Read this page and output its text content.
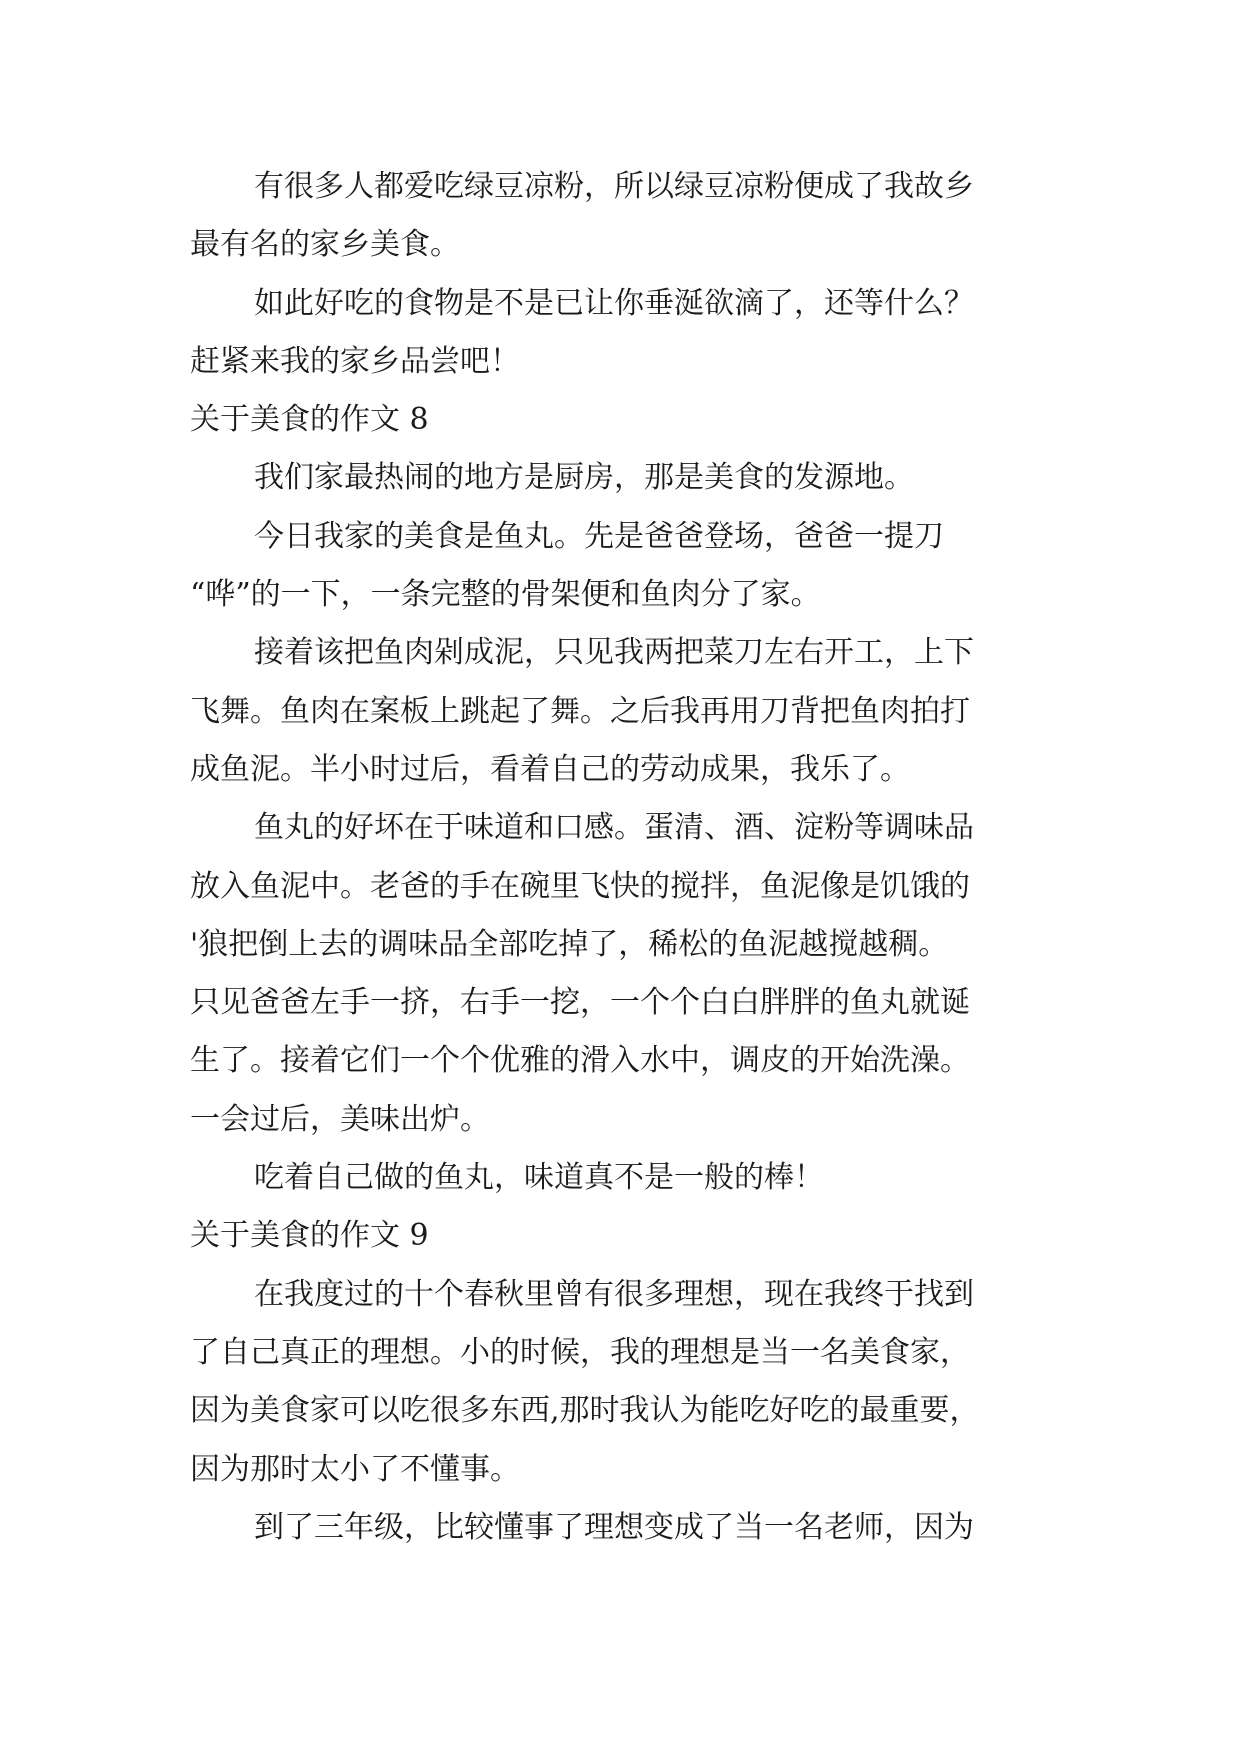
有很多人都爱吃绿豆凉粉，所以绿豆凉粉便成了我故乡
最有名的家乡美食。
如此好吃的食物是不是已让你垂涎欲滴了，还等什么？
赶紧来我的家乡品尝吧！
关于美食的作文 8
我们家最热闹的地方是厨房，那是美食的发源地。
今日我家的美食是鱼丸。先是爸爸登场，爸爸一提刀
“哗”的一下，一条完整的骨架便和鱼肉分了家。
接着该把鱼肉剁成泥，只见我两把菜刀左右开工，上下
飞舞。鱼肉在案板上跳起了舞。之后我再用刀背把鱼肉拍打
成鱼泥。半小时过后，看着自己的劳动成果，我乐了。
鱼丸的好坏在于味道和口感。蛋清、酒、淀粉等调味品
放入鱼泥中。老爸的手在碗里飞快的搅拌，鱼泥像是饥饿的
'狼把倒上去的调味品全部吃掉了，稀松的鱼泥越搅越稠。
只见爸爸左手一挤，右手一挖，一个个白白胖胖的鱼丸就诞
生了。接着它们一个个优雅的滑入水中，调皮的开始洗澡。
一会过后，美味出炉。
吃着自己做的鱼丸，味道真不是一般的棒！
关于美食的作文 9
在我度过的十个春秋里曾有很多理想，现在我终于找到
了自己真正的理想。小的时候，我的理想是当一名美食家，
因为美食家可以吃很多东西,那时我认为能吃好吃的最重要，
因为那时太小了不懂事。
到了三年级，比较懂事了理想变成了当一名老师，因为
